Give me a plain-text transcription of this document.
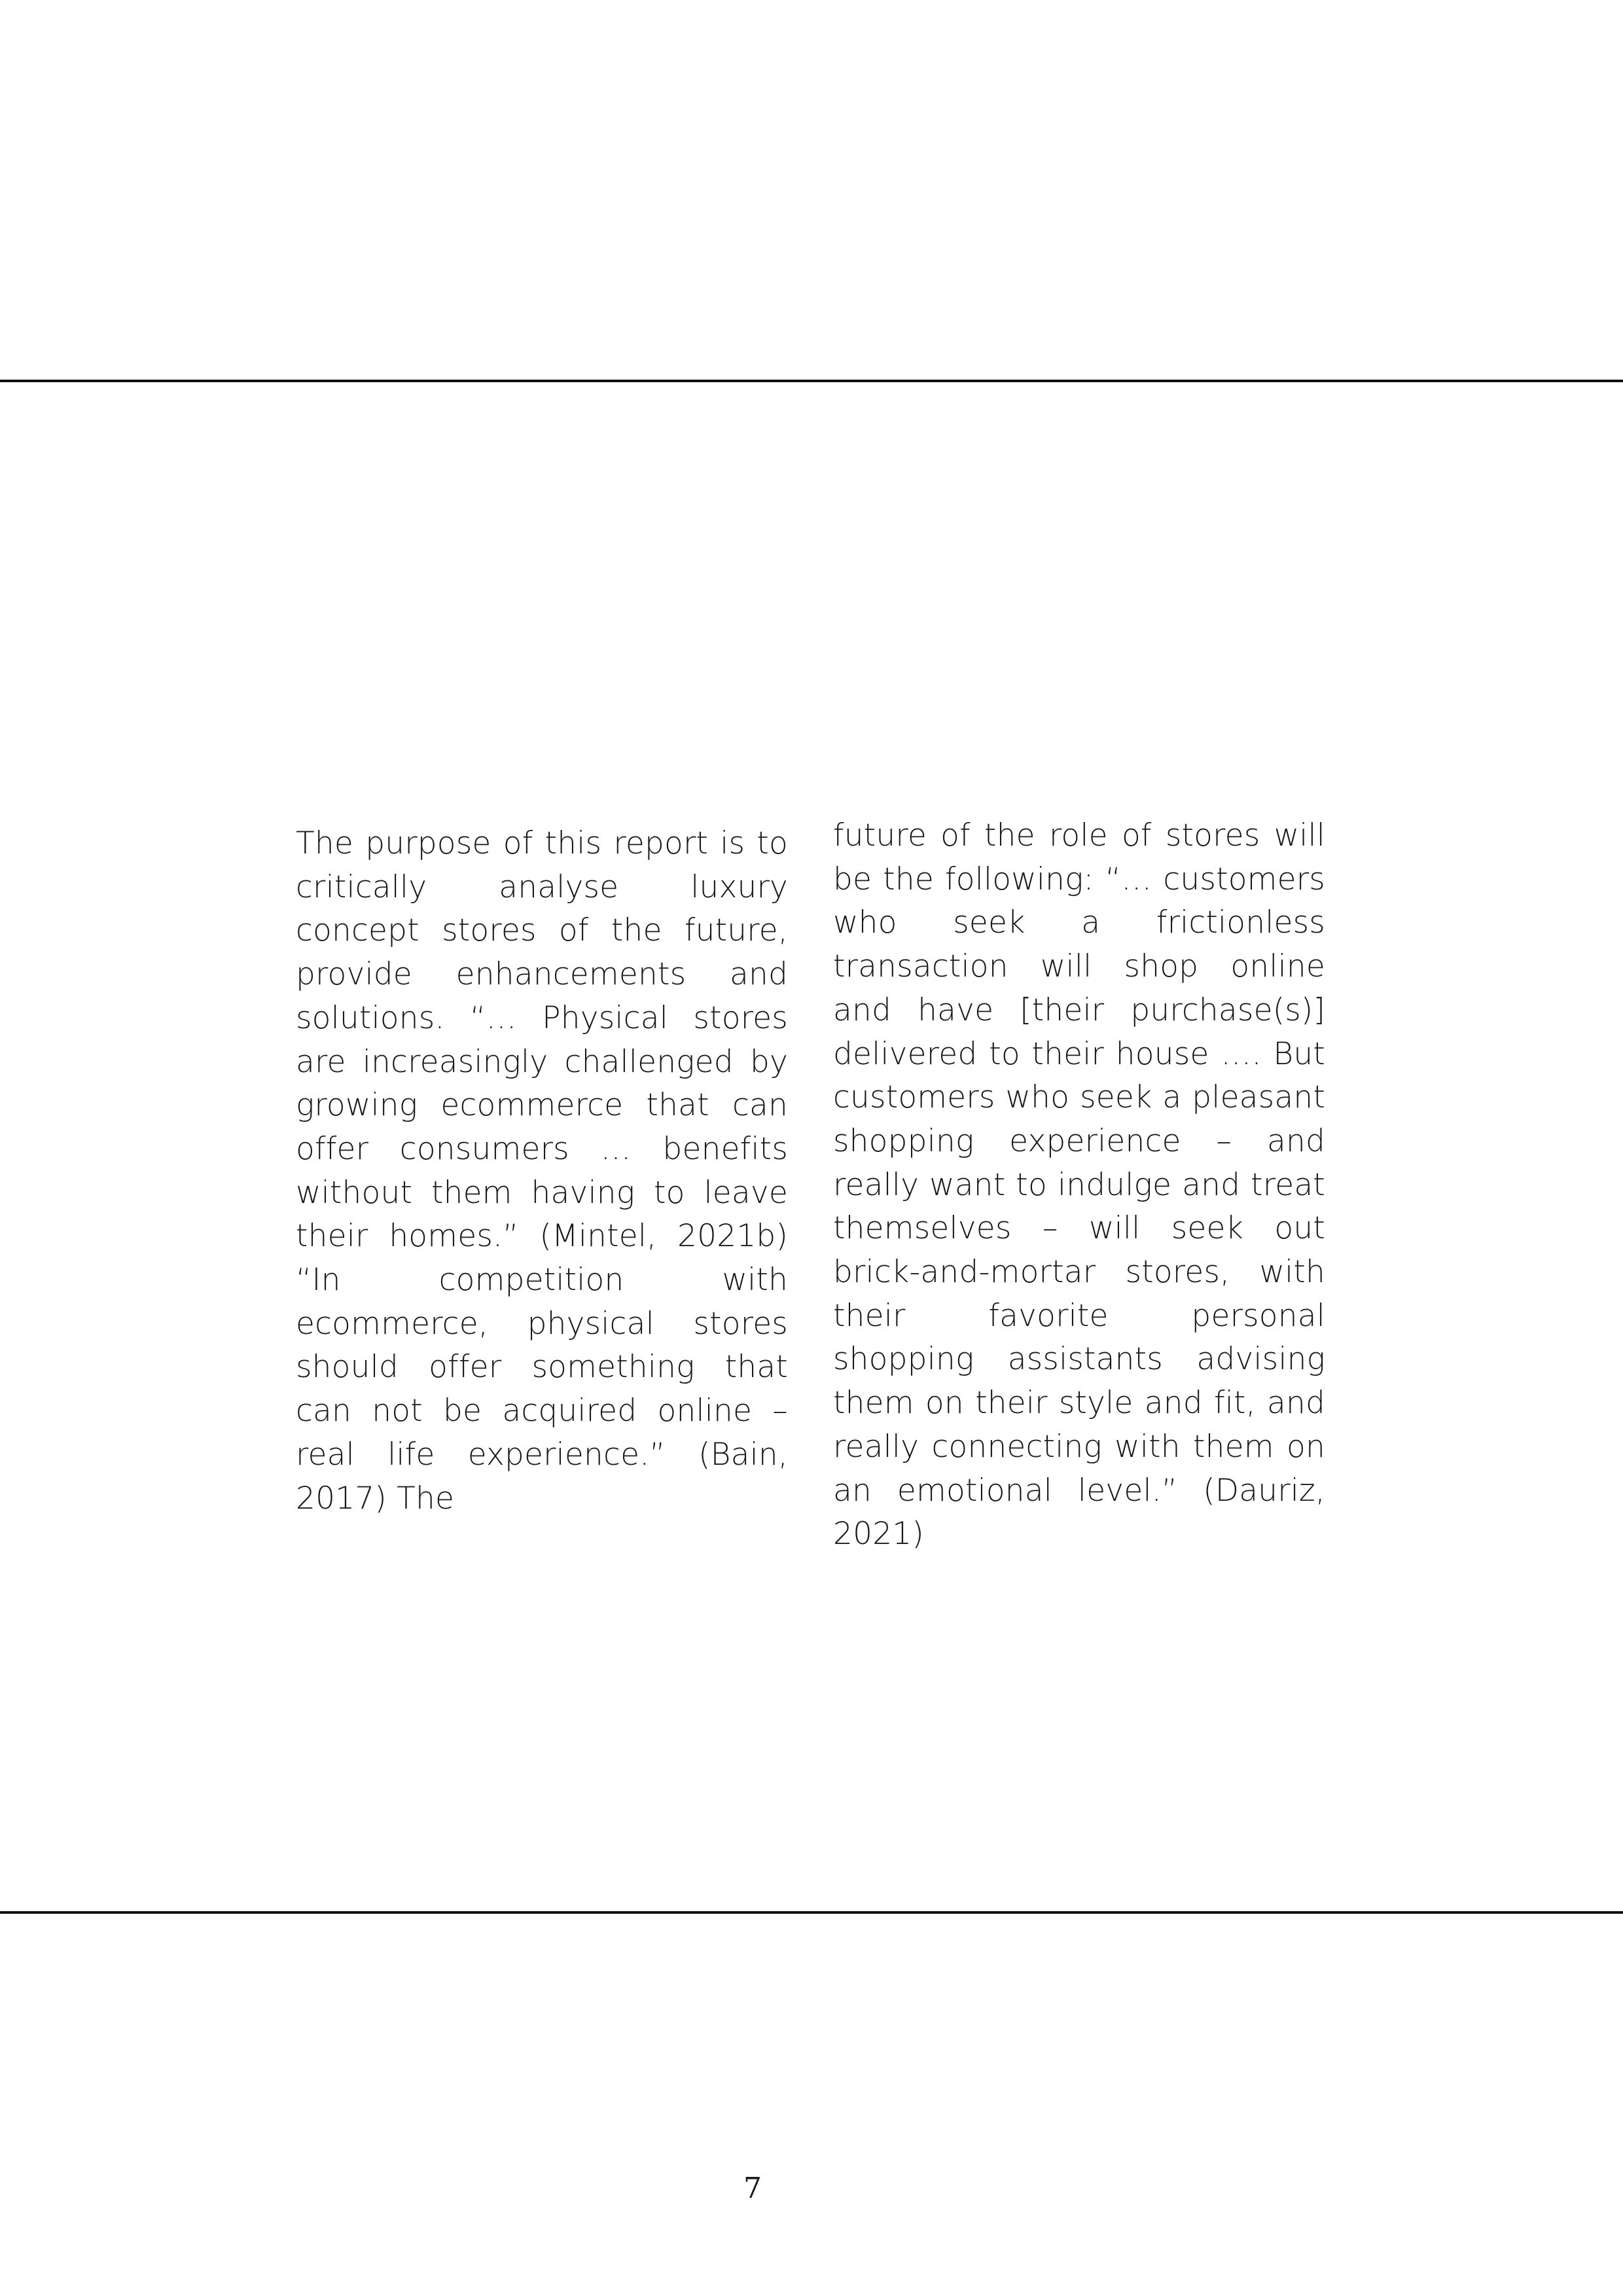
The purpose of this report is to critically analyse luxury concept stores of the future, provide enhancements and solutions. “… Physical stores are increasingly challenged by growing ecommerce that can offer consumers … benefits without them having to leave their homes.” (Mintel, 2021b) “In competition with ecommerce, physical stores should offer something that can not be acquired online – real life experience.” (Bain, 2017) The

future of the role of stores will be the following: “… customers who seek a frictionless transaction will shop online and have [their purchase(s)] delivered to their house …. But customers who seek a pleasant shopping experience – and really want to indulge and treat themselves – will seek out brick-and-mortar stores, with their favorite personal shopping assistants advising them on their style and fit, and really connecting with them on an emotional level.” (Dauriz, 2021)

7
